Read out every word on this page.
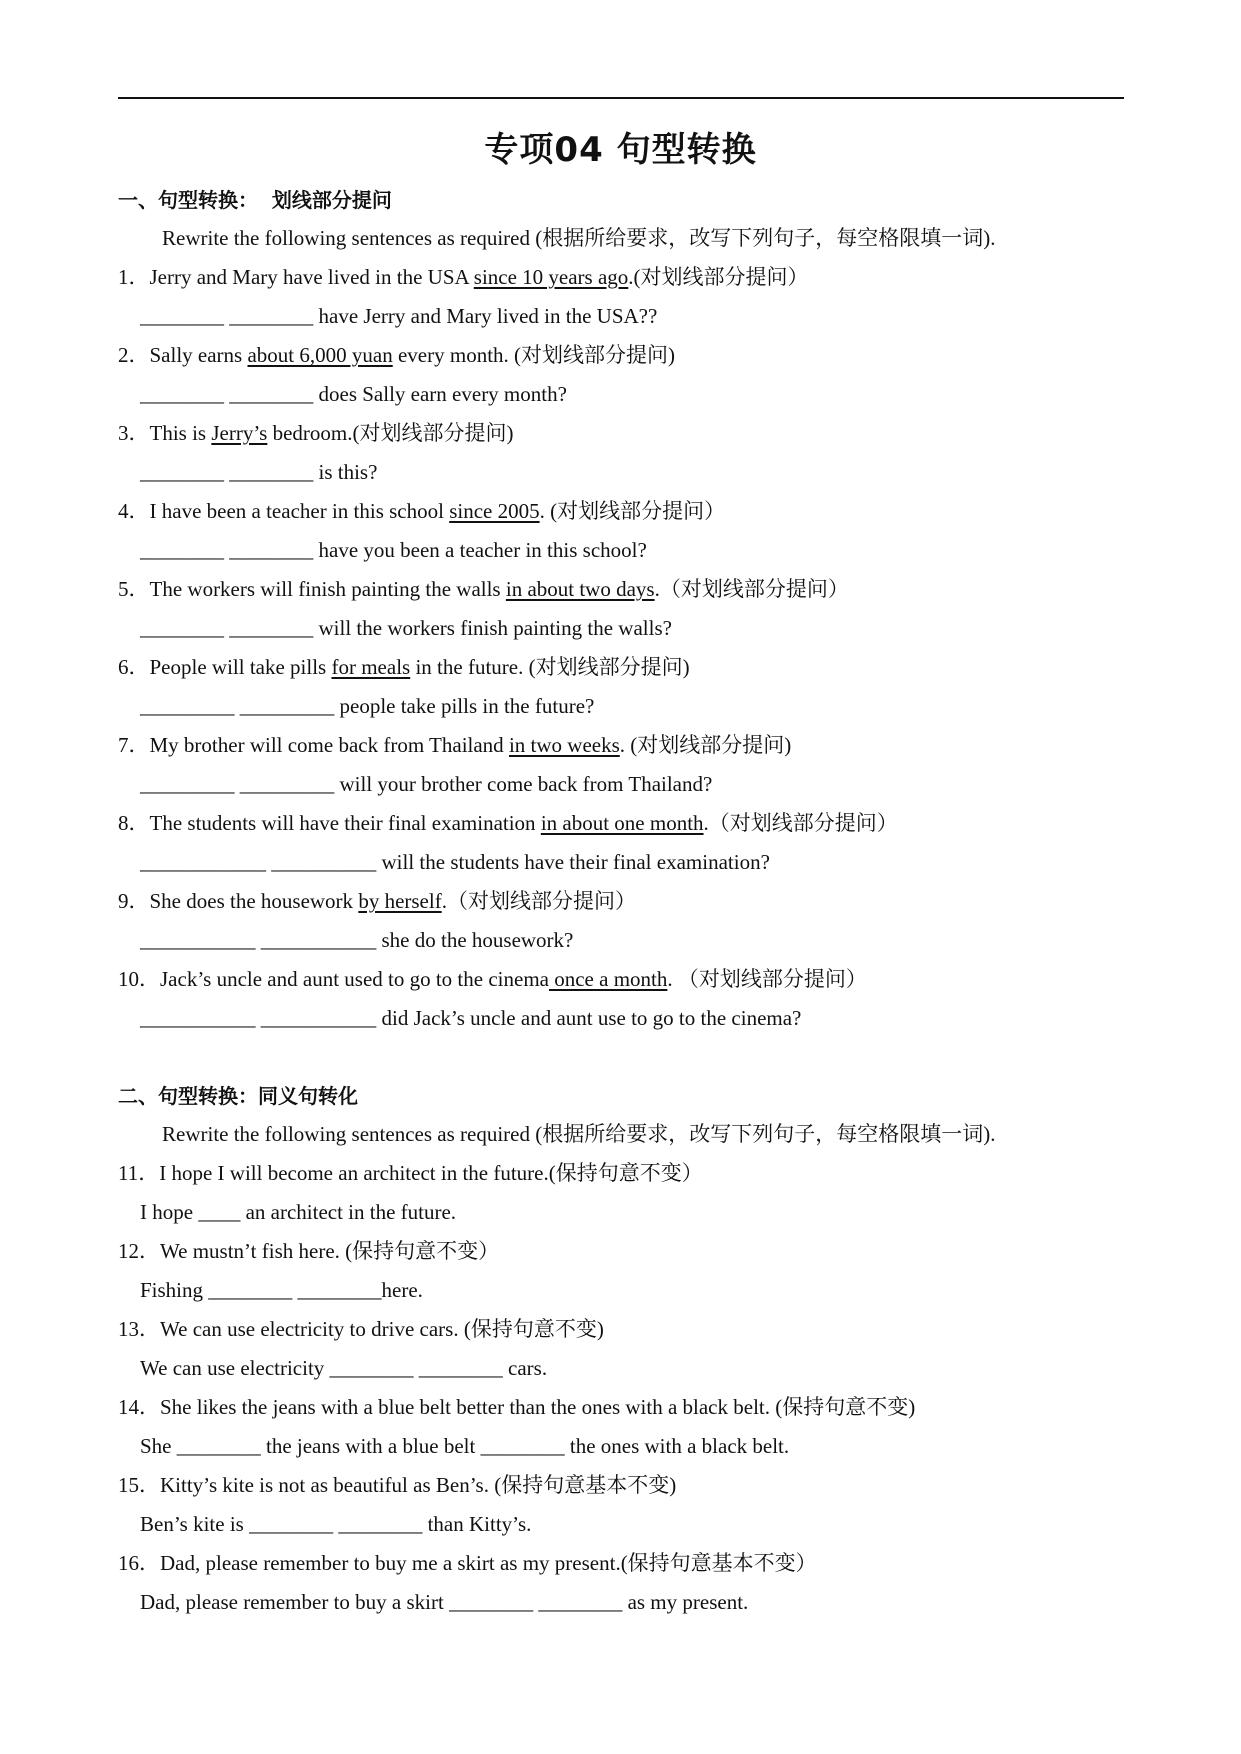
专项04 句型转换
一、句型转换：  划线部分提问
Rewrite the following sentences as required (根据所给要求，改写下列句子，每空格限填一词).
1．Jerry and Mary have lived in the USA since 10 years ago.(对划线部分提问）
________ ________ have Jerry and Mary lived in the USA??
2．Sally earns about 6,000 yuan every month. (对划线部分提问)
________ ________ does Sally earn every month?
3．This is Jerry’s bedroom.(对划线部分提问)
________ ________ is this?
4．I have been a teacher in this school since 2005. (对划线部分提问）
________ ________ have you been a teacher in this school?
5．The workers will finish painting the walls in about two days.（对划线部分提问）
________ ________ will the workers finish painting the walls?
6．People will take pills for meals in the future. (对划线部分提问)
_________ _________ people take pills in the future?
7．My brother will come back from Thailand in two weeks. (对划线部分提问)
_________ _________ will your brother come back from Thailand?
8．The students will have their final examination in about one month.（对划线部分提问）
____________ __________ will the students have their final examination?
9．She does the housework by herself.（对划线部分提问）
___________ ___________ she do the housework?
10．Jack’s uncle and aunt used to go to the cinema once a month. （对划线部分提问）
___________ ___________ did Jack’s uncle and aunt use to go to the cinema?
二、句型转换：同义句转化
Rewrite the following sentences as required (根据所给要求，改写下列句子，每空格限填一词).
11．I hope I will become an architect in the future.(保持句意不变）
I hope ____ an architect in the future.
12．We mustn’t fish here. (保持句意不变）
Fishing ________ ________here.
13．We can use electricity to drive cars. (保持句意不变)
We can use electricity ________ ________ cars.
14．She likes the jeans with a blue belt better than the ones with a black belt. (保持句意不变)
She ________ the jeans with a blue belt ________ the ones with a black belt.
15．Kitty’s kite is not as beautiful as Ben’s. (保持句意基本不变)
Ben’s kite is ________ ________ than Kitty’s.
16．Dad, please remember to buy me a skirt as my present.(保持句意基本不变）
Dad, please remember to buy a skirt ________ ________ as my present.
